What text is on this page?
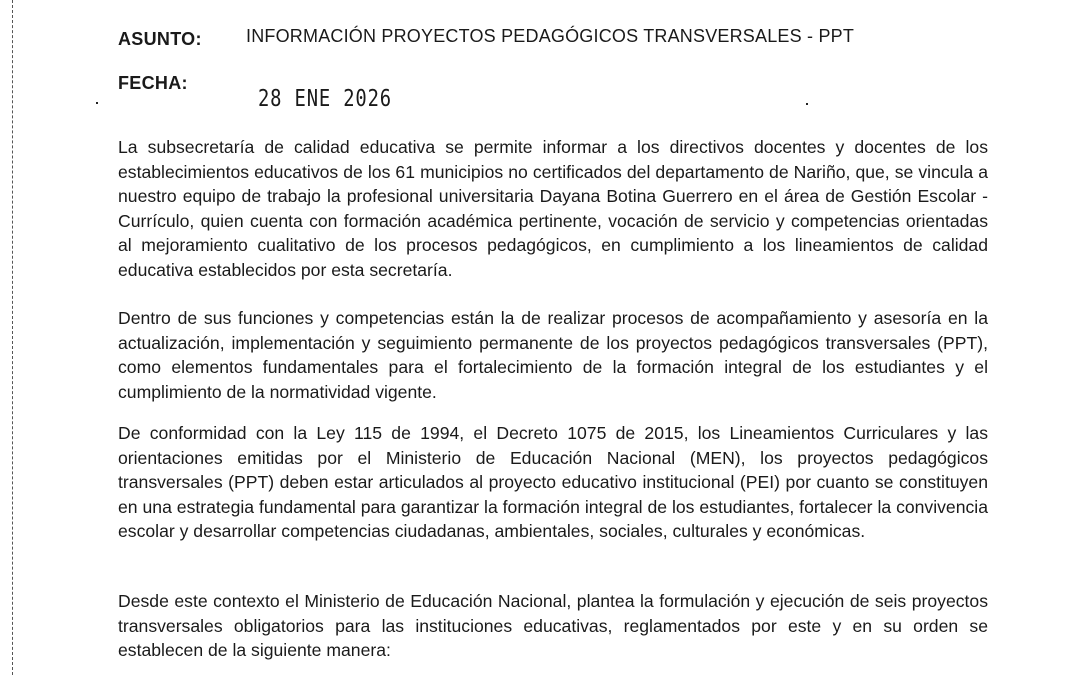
ASUNTO: INFORMACIÓN PROYECTOS PEDAGÓGICOS TRANSVERSALES - PPT
FECHA:
28 ENE 2026

La subsecretaría de calidad educativa se permite informar a los directivos docentes y docentes de los establecimientos educativos de los 61 municipios no certificados del departamento de Nariño, que, se vincula a nuestro equipo de trabajo la profesional universitaria Dayana Botina Guerrero en el área de Gestión Escolar - Currículo, quien cuenta con formación académica pertinente, vocación de servicio y competencias orientadas al mejoramiento cualitativo de los procesos pedagógicos, en cumplimiento a los lineamientos de calidad educativa establecidos por esta secretaría.

Dentro de sus funciones y competencias están la de realizar procesos de acompañamiento y asesoría en la actualización, implementación y seguimiento permanente de los proyectos pedagógicos transversales (PPT), como elementos fundamentales para el fortalecimiento de la formación integral de los estudiantes y el cumplimiento de la normatividad vigente.

De conformidad con la Ley 115 de 1994, el Decreto 1075 de 2015, los Lineamientos Curriculares y las orientaciones emitidas por el Ministerio de Educación Nacional (MEN), los proyectos pedagógicos transversales (PPT) deben estar articulados al proyecto educativo institucional (PEI) por cuanto se constituyen en una estrategia fundamental para garantizar la formación integral de los estudiantes, fortalecer la convivencia escolar y desarrollar competencias ciudadanas, ambientales, sociales, culturales y económicas.

Desde este contexto el Ministerio de Educación Nacional, plantea la formulación y ejecución de seis proyectos transversales obligatorios para las instituciones educativas, reglamentados por este y en su orden se establecen de la siguiente manera:
